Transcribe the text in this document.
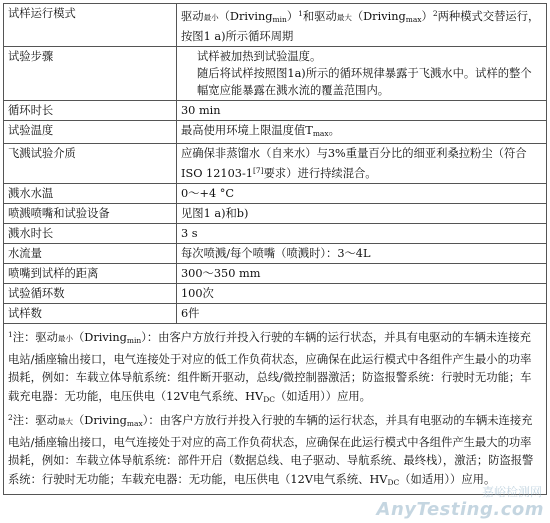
试样运行模式	驱动最小（Driving$_{min}$）$^1$和驱动最大（Driving$_{max}$）$^2$两种模式交替运行，按图1 a)所示循环周期
试验步骤	试样被加热到试验温度。
随后将试样按照图1a)所示的循环规律暴露于飞溅水中。试样的整个幅宽应能暴露在溅水流的覆盖范围内。

循环时长	30 min
试验温度	最高使用环境上限温度值$T_{max}$。
飞溅试验介质	应确保非蒸馏水（自来水）与3%重量百分比的细亚利桑拉粉尘（符合ISO 12103-1[7]要求）进行持续混合。
溅水水温	0～+4 °C
喷溅喷嘴和试验设备	见图1 a)和b)
溅水时长	3 s
水流量	每次喷溅/每个喷嘴（喷溅时）：3～4L
喷嘴到试样的距离	300～350 mm
试验循环数	100次
试样数	6件

$^1$注：驱动最小（Driving$_{min}$）：由客户方放行并投入行驶的车辆的运行状态，并具有电驱动的车辆未连接充电站/插座输出接口，电气连接处于对应的低工作负荷状态，应确保在此运行模式中各组件产生最小的功率损耗，例如：车载立体导航系统：组件断开驱动，总线/微控制器激活；防盗报警系统：行驶时无功能；车载充电器：无功能，电压供电（12V电气系统、$HV_{DC}$（如适用））应用。
$^2$注：驱动最大（Driving$_{max}$）：由客户方放行并投入行驶的车辆的运行状态，并具有电驱动的车辆未连接充电站/插座输出接口，电气连接处于对应的高工作负荷状态，应确保在此运行模式中各组件产生最大的功率损耗，例如：车载立体导航系统：部件开启（数据总线、电子驱动、导航系统、最终栈），激活；防盗报警系统：行驶时无功能；车载充电器：无功能，电压供电（12V电气系统、$HV_{DC}$（如适用））应用。	
嘉峪检测网
AnyTesting.com
